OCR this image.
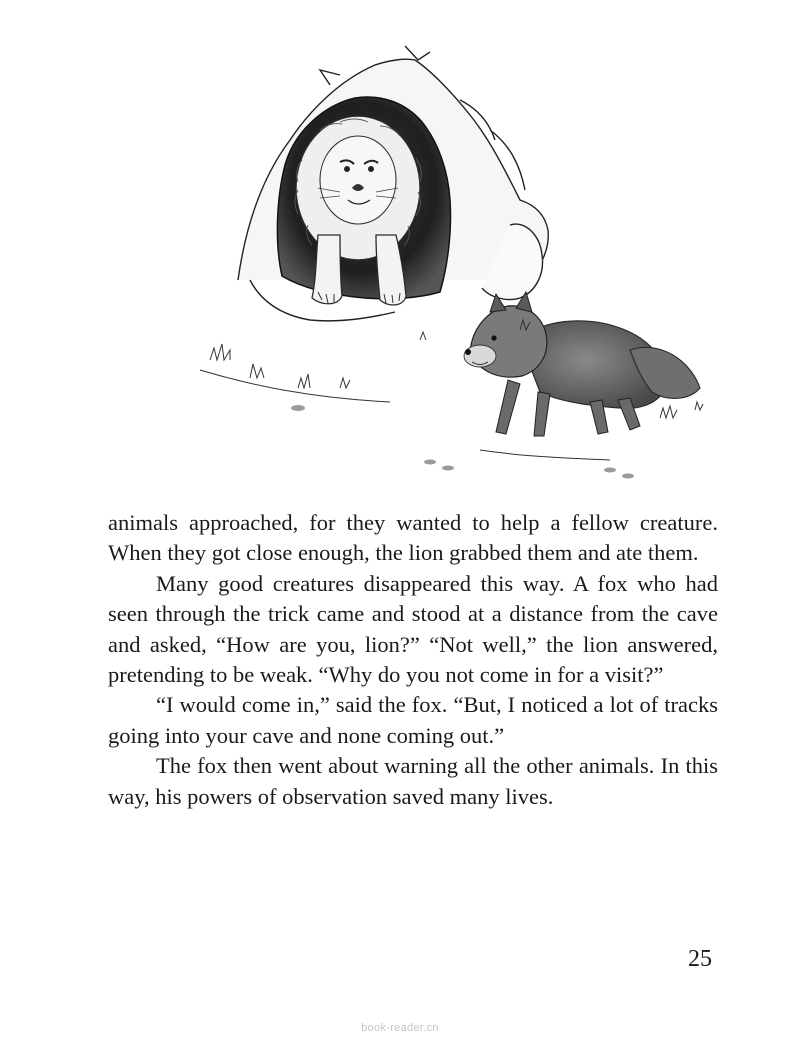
animals approached, for they wanted to help a fellow creature. When they got close enough, the lion grabbed them and ate them.

Many good creatures disappeared this way. A fox who had seen through the trick came and stood at a distance from the cave and asked, “How are you, lion?” “Not well,” the lion answered, pretending to be weak. “Why do you not come in for a visit?”

“I would come in,” said the fox. “But, I noticed a lot of tracks going into your cave and none coming out.”

The fox then went about warning all the other animals. In this way, his powers of observation saved many lives.

25
book-reader.cn
